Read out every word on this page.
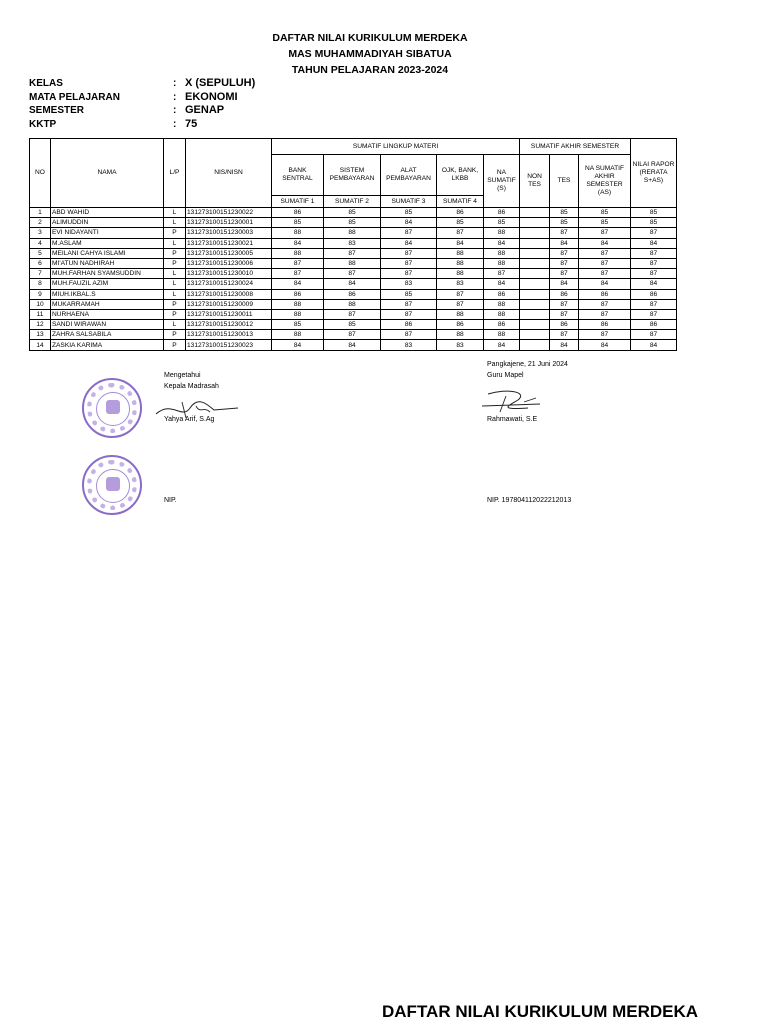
DAFTAR NILAI KURIKULUM MERDEKA
MAS MUHAMMADIYAH SIBATUA
TAHUN PELAJARAN 2023-2024
KELAS	: X (SEPULUH)
MATA PELAJARAN	: EKONOMI
SEMESTER	: GENAP
KKTP	: 75
NO	NAMA	L/P	NIS/NISN	SUMATIF LINGKUP MATERI					SUMATIF AKHIR SEMESTER			NILAI RAPOR (RERATA S+AS)
				BANK SENTRAL	SISTEM PEMBAYARAN	ALAT PEMBAYARAN	OJK, BANK, LKBB	NA SUMATIF (S)	NON TES	TES	NA SUMATIF AKHIR SEMESTER (AS)	
				SUMATIF 1	SUMATIF 2	SUMATIF 3	SUMATIF 4					
1	ABD WAHID	L	131273100151230022	86	85	85	86	86		85	85	85
2	ALIMUDDIN	L	131273100151230001	85	85	84	85	85		85	85	85
3	EVI NIDAYANTI	P	131273100151230003	88	88	87	87	88		87	87	87
4	M.ASLAM	L	131273100151230021	84	83	84	84	84		84	84	84
5	MEILANI CAHYA ISLAMI	P	131273100151230005	88	87	87	88	88		87	87	87
6	MI'ATUN NADHIRAH	P	131273100151230006	87	88	87	88	88		87	87	87
7	MUH.FARHAN SYAMSUDDIN	L	131273100151230010	87	87	87	88	87		87	87	87
8	MUH.FAUZIL AZIM	L	131273100151230024	84	84	83	83	84		84	84	84
9	MIUH.IKBAL.S	L	131273100151230008	86	86	85	87	86		86	86	86
10	MUKARRAMAH	P	131273100151230009	88	88	87	87	88		87	87	87
11	NURHAENA	P	131273100151230011	88	87	87	88	88		87	87	87
12	SANDI WIRAWAN	L	131273100151230012	85	85	86	86	86		86	86	86
13	ZAHRA SALSABILA	P	131273100151230013	88	87	87	88	88		87	87	87
14	ZASKIA KARIMA	P	131273100151230023	84	84	83	83	84		84	84	84
Mengetahui
Kepala Madrasah
Yahya Arif, S.Ag
NIP.
Pangkajene, 21 Juni 2024
Guru Mapel
Rahmawati, S.E
NIP. 197804112022212013
DAFTAR NILAI KURIKULUM MERDEKA
